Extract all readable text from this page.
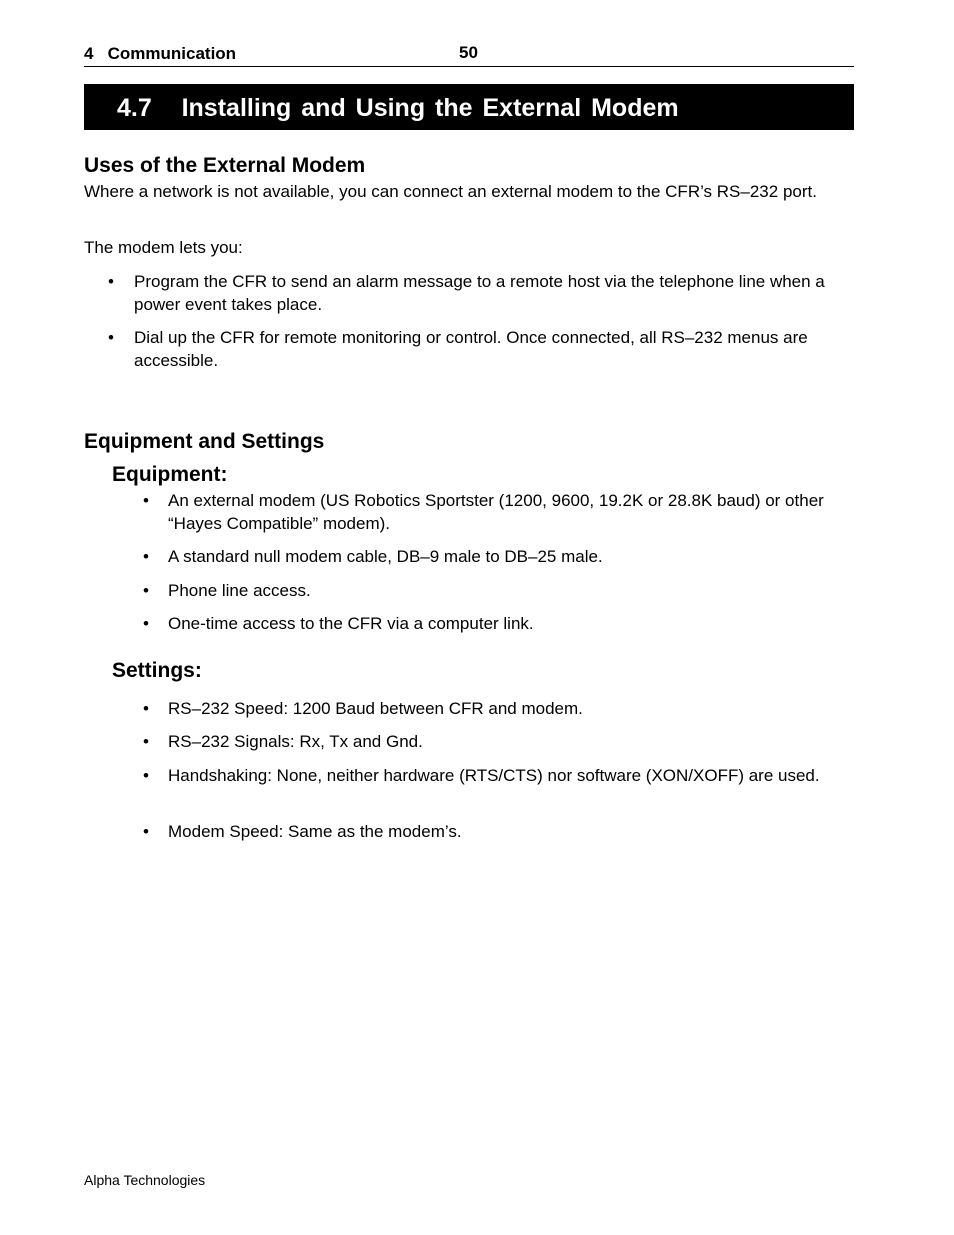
4   Communication	50
4.7   Installing and Using the External Modem
Uses of the External Modem
Where a network is not available, you can connect an external modem to the CFR’s RS–232 port.
The modem lets you:
• Program the CFR to send an alarm message to a remote host via the telephone line when a power event takes place.
• Dial up the CFR for remote monitoring or control. Once connected, all RS–232 menus are accessible.
Equipment and Settings
Equipment:
• An external modem (US Robotics Sportster (1200, 9600, 19.2K or 28.8K baud) or other “Hayes Compatible” modem).
• A standard null modem cable, DB–9 male to DB–25 male.
• Phone line access.
• One-time access to the CFR via a computer link.
Settings:
• RS–232 Speed: 1200 Baud between CFR and modem.
• RS–232 Signals: Rx, Tx and Gnd.
• Handshaking: None, neither hardware (RTS/CTS) nor software (XON/XOFF) are used.
• Modem Speed: Same as the modem’s.
Alpha Technologies
